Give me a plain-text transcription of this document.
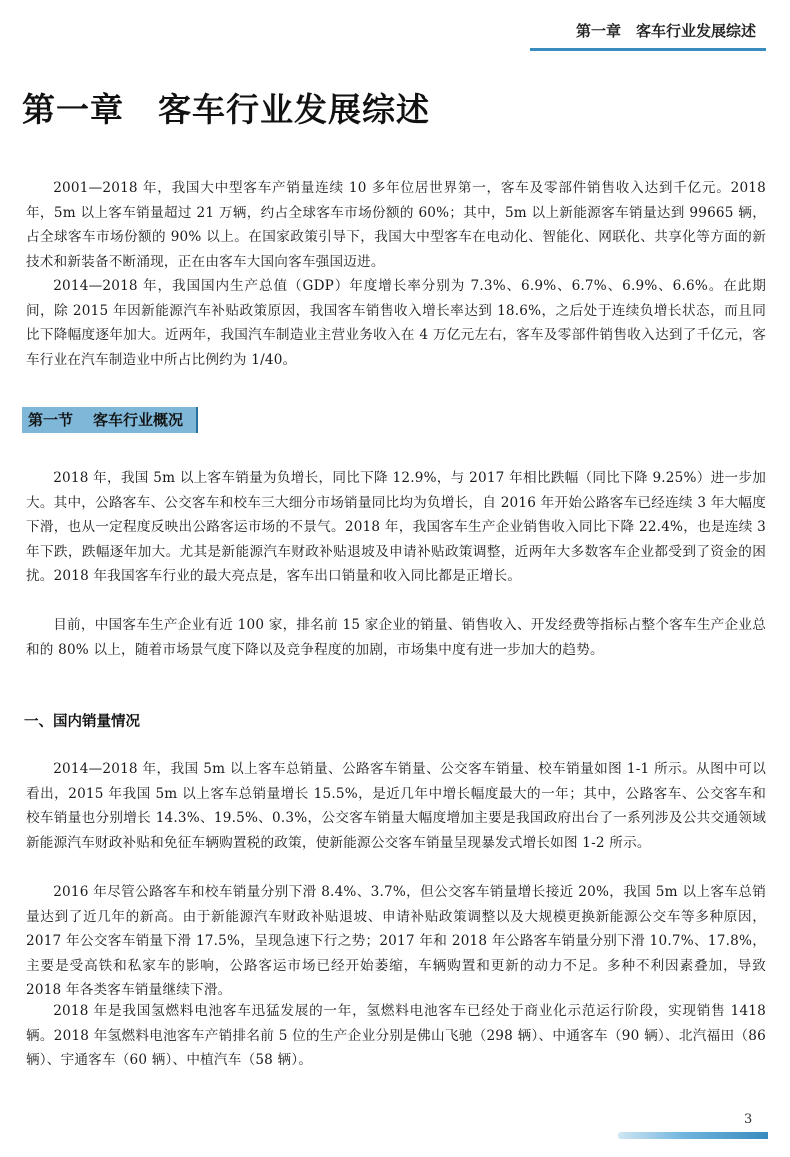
第一章　客车行业发展综述
第一章 客车行业发展综述

2001—2018 年，我国大中型客车产销量连续 10 多年位居世界第一，客车及零部件销售收入达到千亿元。2018 年，5m 以上客车销量超过 21 万辆，约占全球客车市场份额的 60%；其中，5m 以上新能源客车销量达到 99665 辆，占全球客车市场份额的 90% 以上。在国家政策引导下，我国大中型客车在电动化、智能化、网联化、共享化等方面的新技术和新装备不断涌现，正在由客车大国向客车强国迈进。

2014—2018 年，我国国内生产总值（GDP）年度增长率分别为 7.3%、6.9%、6.7%、6.9%、6.6%。在此期间，除 2015 年因新能源汽车补贴政策原因，我国客车销售收入增长率达到 18.6%，之后处于连续负增长状态，而且同比下降幅度逐年加大。近两年，我国汽车制造业主营业务收入在 4 万亿元左右，客车及零部件销售收入达到了千亿元，客车行业在汽车制造业中所占比例约为 1/40。

第一节 客车行业概况

2018 年，我国 5m 以上客车销量为负增长，同比下降 12.9%，与 2017 年相比跌幅（同比下降 9.25%）进一步加大。其中，公路客车、公交客车和校车三大细分市场销量同比均为负增长，自 2016 年开始公路客车已经连续 3 年大幅度下滑，也从一定程度反映出公路客运市场的不景气。2018 年，我国客车生产企业销售收入同比下降 22.4%，也是连续 3 年下跌，跌幅逐年加大。尤其是新能源汽车财政补贴退坡及申请补贴政策调整，近两年大多数客车企业都受到了资金的困扰。2018 年我国客车行业的最大亮点是，客车出口销量和收入同比都是正增长。

目前，中国客车生产企业有近 100 家，排名前 15 家企业的销量、销售收入、开发经费等指标占整个客车生产企业总和的 80% 以上，随着市场景气度下降以及竞争程度的加剧，市场集中度有进一步加大的趋势。

一、国内销量情况

2014—2018 年，我国 5m 以上客车总销量、公路客车销量、公交客车销量、校车销量如图 1-1 所示。从图中可以看出，2015 年我国 5m 以上客车总销量增长 15.5%，是近几年中增长幅度最大的一年；其中，公路客车、公交客车和校车销量也分别增长 14.3%、19.5%、0.3%，公交客车销量大幅度增加主要是我国政府出台了一系列涉及公共交通领域新能源汽车财政补贴和免征车辆购置税的政策，使新能源公交客车销量呈现暴发式增长如图 1-2 所示。

2016 年尽管公路客车和校车销量分别下滑 8.4%、3.7%，但公交客车销量增长接近 20%，我国 5m 以上客车总销量达到了近几年的新高。由于新能源汽车财政补贴退坡、申请补贴政策调整以及大规模更换新能源公交车等多种原因，2017 年公交客车销量下滑 17.5%，呈现急速下行之势；2017 年和 2018 年公路客车销量分别下滑 10.7%、17.8%，主要是受高铁和私家车的影响，公路客运市场已经开始萎缩，车辆购置和更新的动力不足。多种不利因素叠加，导致 2018 年各类客车销量继续下滑。

2018 年是我国氢燃料电池客车迅猛发展的一年，氢燃料电池客车已经处于商业化示范运行阶段，实现销售 1418 辆。2018 年氢燃料电池客车产销排名前 5 位的生产企业分别是佛山飞驰（298 辆）、中通客车（90 辆）、北汽福田（86 辆）、宇通客车（60 辆）、中植汽车（58 辆）。

3
